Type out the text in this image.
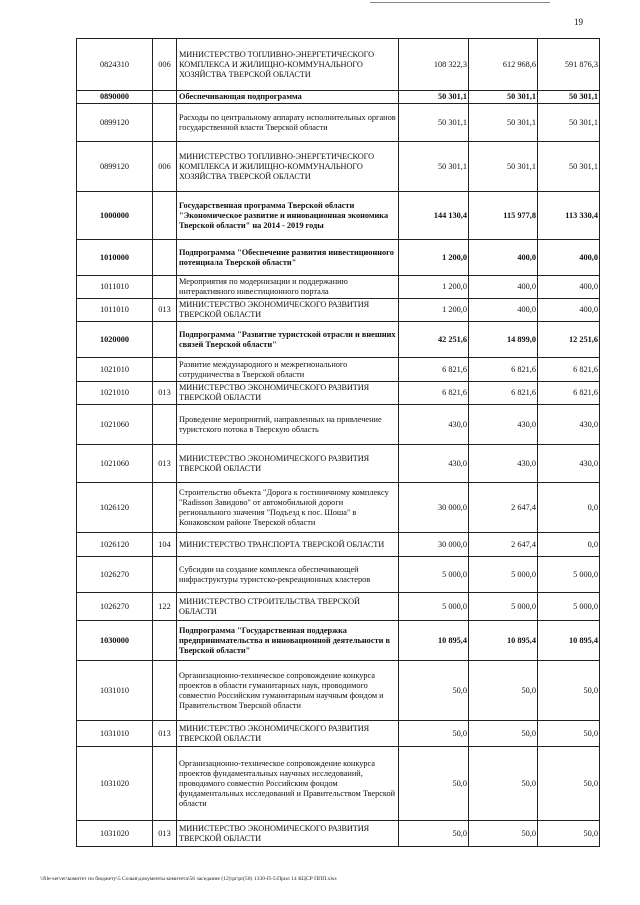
19
0824310	006	МИНИСТЕРСТВО ТОПЛИВНО-ЭНЕРГЕТИЧЕСКОГО КОМПЛЕКСА И ЖИЛИЩНО-КОММУНАЛЬНОГО ХОЗЯЙСТВА ТВЕРСКОЙ ОБЛАСТИ	108 322,3	612 968,6	591 876,3
0890000		Обеспечивающая подпрограмма	50 301,1	50 301,1	50 301,1
0899120		Расходы по центральному аппарату исполнительных органов государственной власти Тверской области	50 301,1	50 301,1	50 301,1
0899120	006	МИНИСТЕРСТВО ТОПЛИВНО-ЭНЕРГЕТИЧЕСКОГО КОМПЛЕКСА И ЖИЛИЩНО-КОММУНАЛЬНОГО ХОЗЯЙСТВА ТВЕРСКОЙ ОБЛАСТИ	50 301,1	50 301,1	50 301,1
1000000		Государственная программа Тверской области "Экономическое развитие и инновационная экономика Тверской области" на 2014 - 2019 годы	144 130,4	115 977,8	113 330,4
1010000		Подпрограмма "Обеспечение развития инвестиционного потенциала Тверской области"	1 200,0	400,0	400,0
1011010		Мероприятия по модернизации и поддержанию интерактивного инвестиционного портала	1 200,0	400,0	400,0
1011010	013	МИНИСТЕРСТВО ЭКОНОМИЧЕСКОГО РАЗВИТИЯ ТВЕРСКОЙ ОБЛАСТИ	1 200,0	400,0	400,0
1020000		Подпрограмма "Развитие туристской отрасли и внешних связей Тверской области"	42 251,6	14 899,0	12 251,6
1021010		Развитие международного и межрегионального сотрудничества в Тверской области	6 821,6	6 821,6	6 821,6
1021010	013	МИНИСТЕРСТВО ЭКОНОМИЧЕСКОГО РАЗВИТИЯ ТВЕРСКОЙ ОБЛАСТИ	6 821,6	6 821,6	6 821,6
1021060		Проведение мероприятий, направленных на привлечение туристского потока в Тверскую область	430,0	430,0	430,0
1021060	013	МИНИСТЕРСТВО ЭКОНОМИЧЕСКОГО РАЗВИТИЯ ТВЕРСКОЙ ОБЛАСТИ	430,0	430,0	430,0
1026120		Строительство объекта "Дорога к гостиничному комплексу "Radisson Завидово" от автомобильной дороги регионального значения "Подъезд к пос. Шоша" в Конаковском районе Тверской области	30 000,0	2 647,4	0,0
1026120	104	МИНИСТЕРСТВО ТРАНСПОРТА ТВЕРСКОЙ ОБЛАСТИ	30 000,0	2 647,4	0,0
1026270		Субсидии на создание комплекса обеспечивающей инфраструктуры туристско-рекреационных кластеров	5 000,0	5 000,0	5 000,0
1026270	122	МИНИСТЕРСТВО СТРОИТЕЛЬСТВА ТВЕРСКОЙ ОБЛАСТИ	5 000,0	5 000,0	5 000,0
1030000		Подпрограмма "Государственная поддержка предпринимательства и инновационной деятельности в Тверской области"	10 895,4	10 895,4	10 895,4
1031010		Организационно-техническое сопровождение конкурса проектов в области гуманитарных наук, проводимого совместно Российским гуманитарным научным фондом и Правительством Тверской области	50,0	50,0	50,0
1031010	013	МИНИСТЕРСТВО ЭКОНОМИЧЕСКОГО РАЗВИТИЯ ТВЕРСКОЙ ОБЛАСТИ	50,0	50,0	50,0
1031020		Организационно-техническое сопровождение конкурса проектов фундаментальных научных исследований, проводимого совместно Российским фондом фундаментальных исследований и Правительством Тверской области	50,0	50,0	50,0
1031020	013	МИНИСТЕРСТВО ЭКОНОМИЧЕСКОГО РАЗВИТИЯ ТВЕРСКОЙ ОБЛАСТИ	50,0	50,0	50,0
\\file-server\комитет по бюджету\5 Созыв\документы комитета\56 заседание (12)\pr\pr(50) 1330-П-5\Прил 14 КЦСР ППП.xlsx
